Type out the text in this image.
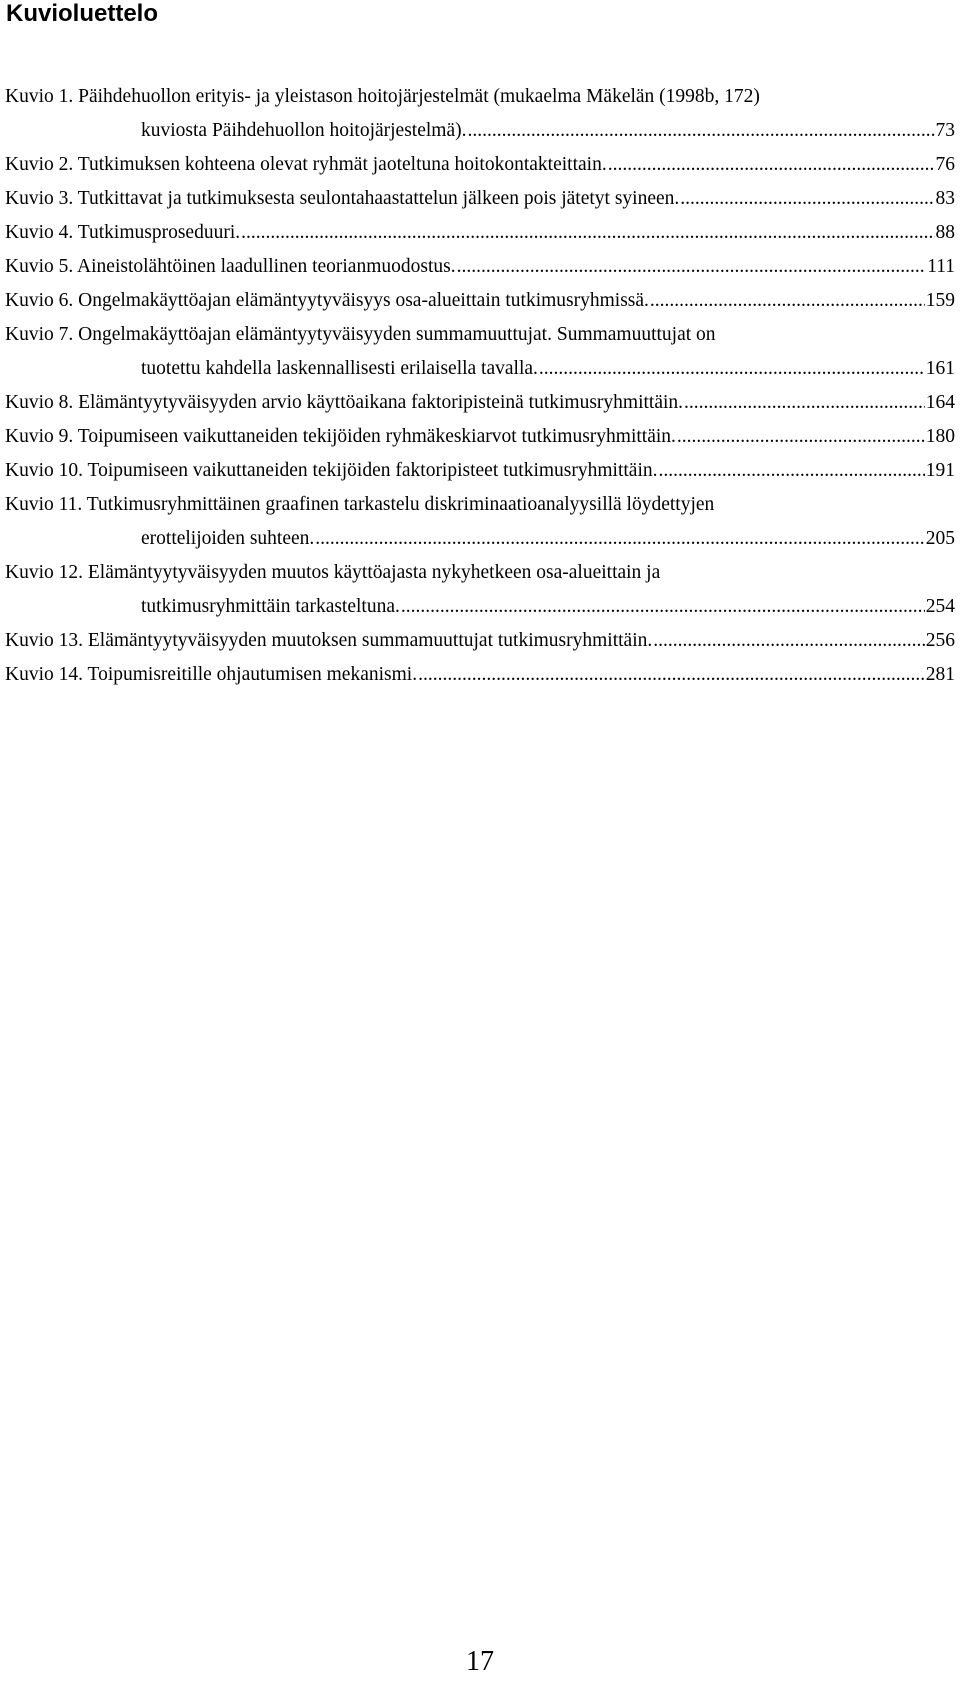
Kuvioluettelo
Kuvio 1. Päihdehuollon erityis- ja yleistason hoitojärjestelmät (mukaelma Mäkelän (1998b, 172)
kuviosta Päihdehuollon hoitojärjestelmä). .....	73
Kuvio 2. Tutkimuksen kohteena olevat ryhmät jaoteltuna hoitokontakteittain. .....	76
Kuvio 3. Tutkittavat ja tutkimuksesta seulontahaastattelun jälkeen pois jätetyt syineen. .....	83
Kuvio 4. Tutkimusproseduuri. .....	88
Kuvio 5. Aineistolähtöinen laadullinen teorianmuodostus. .....	111
Kuvio 6. Ongelmakäyttöajan elämäntyytyväisyys osa-alueittain tutkimusryhmissä. .....	159
Kuvio 7. Ongelmakäyttöajan elämäntyytyväisyyden summamuuttujat. Summamuuttujat on
tuotettu kahdella laskennallisesti erilaisella tavalla. .....	161
Kuvio 8. Elämäntyytyväisyyden arvio käyttöaikana faktoripisteinä tutkimusryhmittäin. .....	164
Kuvio 9. Toipumiseen vaikuttaneiden tekijöiden ryhmäkeskiarvot tutkimusryhmittäin. .....	180
Kuvio 10. Toipumiseen vaikuttaneiden tekijöiden faktoripisteet tutkimusryhmittäin. .....	191
Kuvio 11. Tutkimusryhmittäinen graafinen tarkastelu diskriminaatioanalyysillä löydettyjen
erottelijoiden suhteen. .....	205
Kuvio 12. Elämäntyytyväisyyden muutos käyttöajasta nykyhetkeen osa-alueittain ja
tutkimusryhmittäin tarkasteltuna. .....	254
Kuvio 13. Elämäntyytyväisyyden muutoksen summamuuttujat tutkimusryhmittäin. .....	256
Kuvio 14. Toipumisreitille ohjautumisen mekanismi. .....	281
17
